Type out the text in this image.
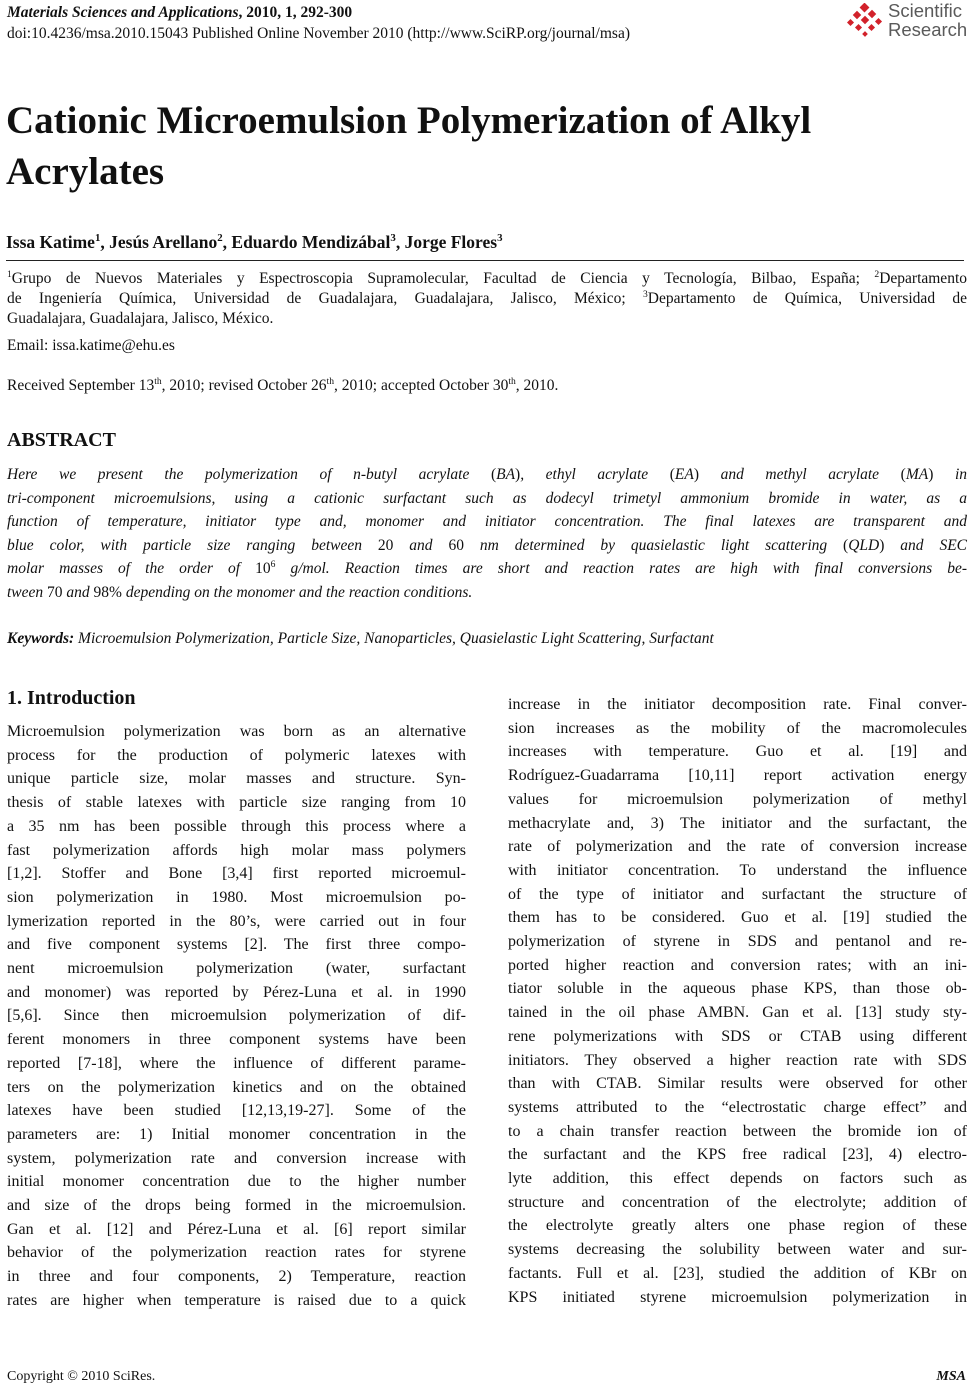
Materials Sciences and Applications, 2010, 1, 292-300
doi:10.4236/msa.2010.15043 Published Online November 2010 (http://www.SciRP.org/journal/msa)
Scientific
Research
Cationic Microemulsion Polymerization of Alkyl Acrylates
Issa Katime$^1$, Jesús Arellano$^2$, Eduardo Mendizábal$^3$, Jorge Flores$^3$
$^1$Grupo de Nuevos Materiales y Espectroscopia Supramolecular, Facultad de Ciencia y Tecnología, Bilbao, España; $^2$Departamento
de Ingeniería Química, Universidad de Guadalajara, Guadalajara, Jalisco, México; $^3$Departamento de Química, Universidad de
Guadalajara, Guadalajara, Jalisco, México.
Email: issa.katime@ehu.es
Received September 13th, 2010; revised October 26th, 2010; accepted October 30th, 2010.
ABSTRACT
Here we present the polymerization of n-butyl acrylate (BA), ethyl acrylate (EA) and methyl acrylate (MA) in
tri-component microemulsions, using a cationic surfactant such as dodecyl trimetyl ammonium bromide in water, as a
function of temperature, initiator type and, monomer and initiator concentration. The final latexes are transparent and
blue color, with particle size ranging between 20 and 60 nm determined by quasielastic light scattering (QLD) and SEC
molar masses of the order of $10^6$ g/mol. Reaction times are short and reaction rates are high with final conversions be-
tween 70 and 98% depending on the monomer and the reaction conditions.
Keywords: Microemulsion Polymerization, Particle Size, Nanoparticles, Quasielastic Light Scattering, Surfactant
1. Introduction
Microemulsion polymerization was born as an alternative
process for the production of polymeric latexes with
unique particle size, molar masses and structure. Syn-
thesis of stable latexes with particle size ranging from 10
a 35 nm has been possible through this process where a
fast polymerization affords high molar mass polymers
[1,2]. Stoffer and Bone [3,4] first reported microemul-
sion polymerization in 1980. Most microemulsion po-
lymerization reported in the 80’s, were carried out in four
and five component systems [2]. The first three compo-
nent microemulsion polymerization (water, surfactant
and monomer) was reported by Pérez-Luna et al. in 1990
[5,6]. Since then microemulsion polymerization of dif-
ferent monomers in three component systems have been
reported [7-18], where the influence of different parame-
ters on the polymerization kinetics and on the obtained
latexes have been studied [12,13,19-27]. Some of the
parameters are: 1) Initial monomer concentration in the
system, polymerization rate and conversion increase with
initial monomer concentration due to the higher number
and size of the drops being formed in the microemulsion.
Gan et al. [12] and Pérez-Luna et al. [6] report similar
behavior of the polymerization reaction rates for styrene
in three and four components, 2) Temperature, reaction
rates are higher when temperature is raised due to a quick
increase in the initiator decomposition rate. Final conver-
sion increases as the mobility of the macromolecules
increases with temperature. Guo et al. [19] and
Rodríguez-Guadarrama [10,11] report activation energy
values for microemulsion polymerization of methyl
methacrylate and, 3) The initiator and the surfactant, the
rate of polymerization and the rate of conversion increase
with initiator concentration. To understand the influence
of the type of initiator and surfactant the structure of
them has to be considered. Guo et al. [19] studied the
polymerization of styrene in SDS and pentanol and re-
ported higher reaction and conversion rates; with an ini-
tiator soluble in the aqueous phase KPS, than those ob-
tained in the oil phase AMBN. Gan et al. [13] study sty-
rene polymerizations with SDS or CTAB using different
initiators. They observed a higher reaction rate with SDS
than with CTAB. Similar results were observed for other
systems attributed to the “electrostatic charge effect” and
to a chain transfer reaction between the bromide ion of
the surfactant and the KPS free radical [23], 4) electro-
lyte addition, this effect depends on factors such as
structure and concentration of the electrolyte; addition of
the electrolyte greatly alters one phase region of these
systems decreasing the solubility between water and sur-
factants. Full et al. [23], studied the addition of KBr on
KPS initiated styrene microemulsion polymerization in
Copyright © 2010 SciRes.	MSA
